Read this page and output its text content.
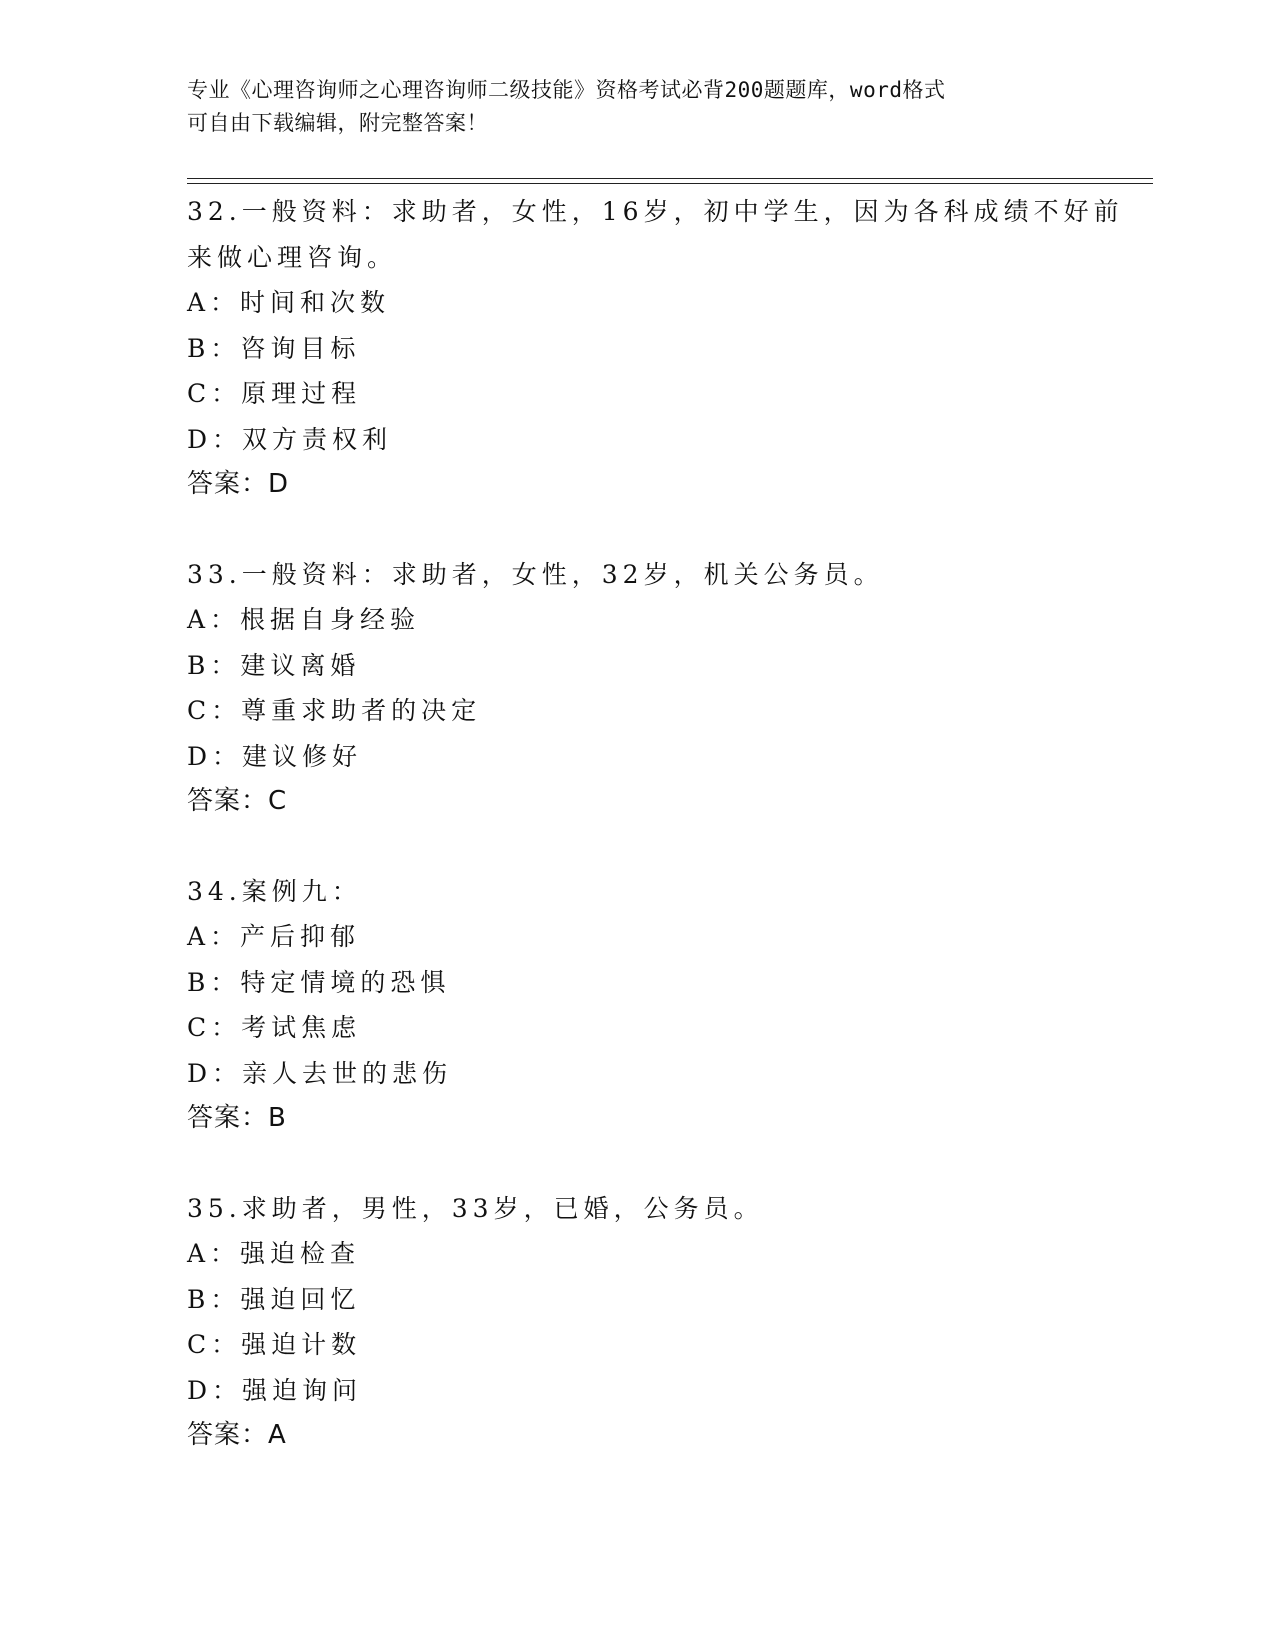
专业《心理咨询师之心理咨询师二级技能》资格考试必背200题题库，word格式
可自由下载编辑，附完整答案！
32.一般资料：求助者，女性，16岁，初中学生，因为各科成绩不好前
来做心理咨询。
A：时间和次数
B：咨询目标
C：原理过程
D：双方责权利
答案：D
33.一般资料：求助者，女性，32岁，机关公务员。
A：根据自身经验
B：建议离婚
C：尊重求助者的决定
D：建议修好
答案：C
34.案例九：
A：产后抑郁
B：特定情境的恐惧
C：考试焦虑
D：亲人去世的悲伤
答案：B
35.求助者，男性，33岁，已婚，公务员。
A：强迫检查
B：强迫回忆
C：强迫计数
D：强迫询问
答案：A
